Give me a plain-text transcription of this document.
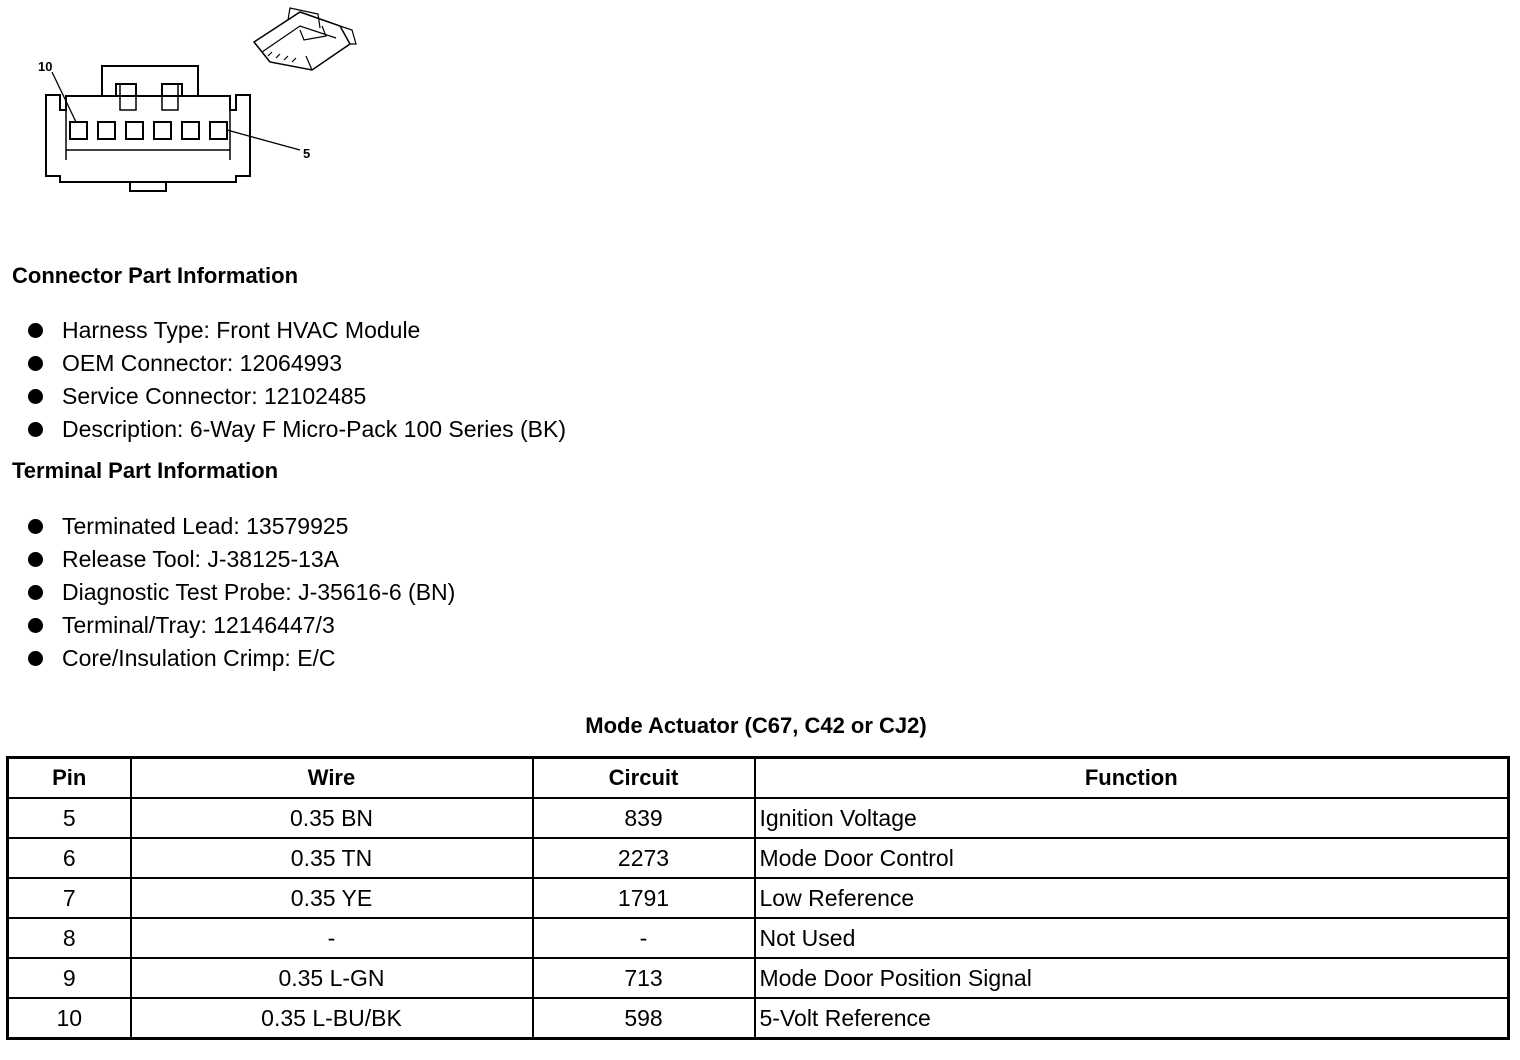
10
5
Connector Part Information
Harness Type: Front HVAC Module
OEM Connector: 12064993
Service Connector: 12102485
Description: 6-Way F Micro-Pack 100 Series (BK)
Terminal Part Information
Terminated Lead: 13579925
Release Tool: J-38125-13A
Diagnostic Test Probe: J-35616-6 (BN)
Terminal/Tray: 12146447/3
Core/Insulation Crimp: E/C
Mode Actuator (C67, C42 or CJ2)
Pin	Wire	Circuit	Function
5	0.35 BN	839	Ignition Voltage
6	0.35 TN	2273	Mode Door Control
7	0.35 YE	1791	Low Reference
8	-	-	Not Used
9	0.35 L-GN	713	Mode Door Position Signal
10	0.35 L-BU/BK	598	5-Volt Reference
